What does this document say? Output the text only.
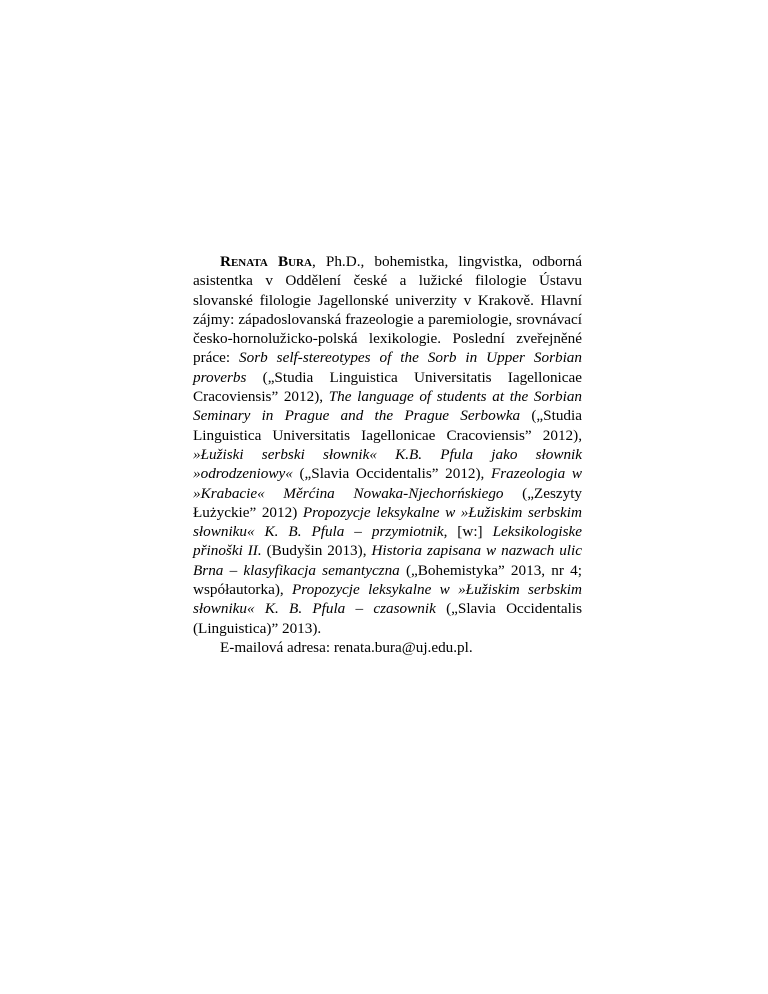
Renata Bura, Ph.D., bohemistka, lingvistka, odborná asistentka v Oddělení české a lužické filologie Ústavu slovanské filologie Jagellonské univerzity v Krakově. Hlavní zájmy: západoslovanská frazeologie a paremiologie, srovnávací česko-hornolužicko-polská lexikologie. Poslední zveřejněné práce: Sorb self-stereotypes of the Sorb in Upper Sorbian proverbs („Studia Linguistica Universitatis Iagellonicae Cracoviensis” 2012), The language of students at the Sorbian Seminary in Prague and the Prague Serbowka („Studia Linguistica Universitatis Iagellonicae Cracoviensis” 2012), »Łužiski serbski słownik« K.B. Pfula jako słownik »odrodzeniowy« („Slavia Occidentalis” 2012), Frazeologia w »Krabacie« Měrćina Nowaka-Njechorńskiego („Zeszyty Łużyckie” 2012) Propozycje leksykalne w »Łužiskim serbskim słowniku« K. B. Pfula – przymiotnik, [w:] Leksikologiske přinoški II. (Budyšin 2013), Historia zapisana w nazwach ulic Brna – klasyfikacja semantyczna („Bohemistyka” 2013, nr 4; współautorka), Propozycje leksykalne w »Łužiskim serbskim słowniku« K. B. Pfula – czasownik („Slavia Occidentalis (Linguistica)” 2013).

E-mailová adresa: renata.bura@uj.edu.pl.
